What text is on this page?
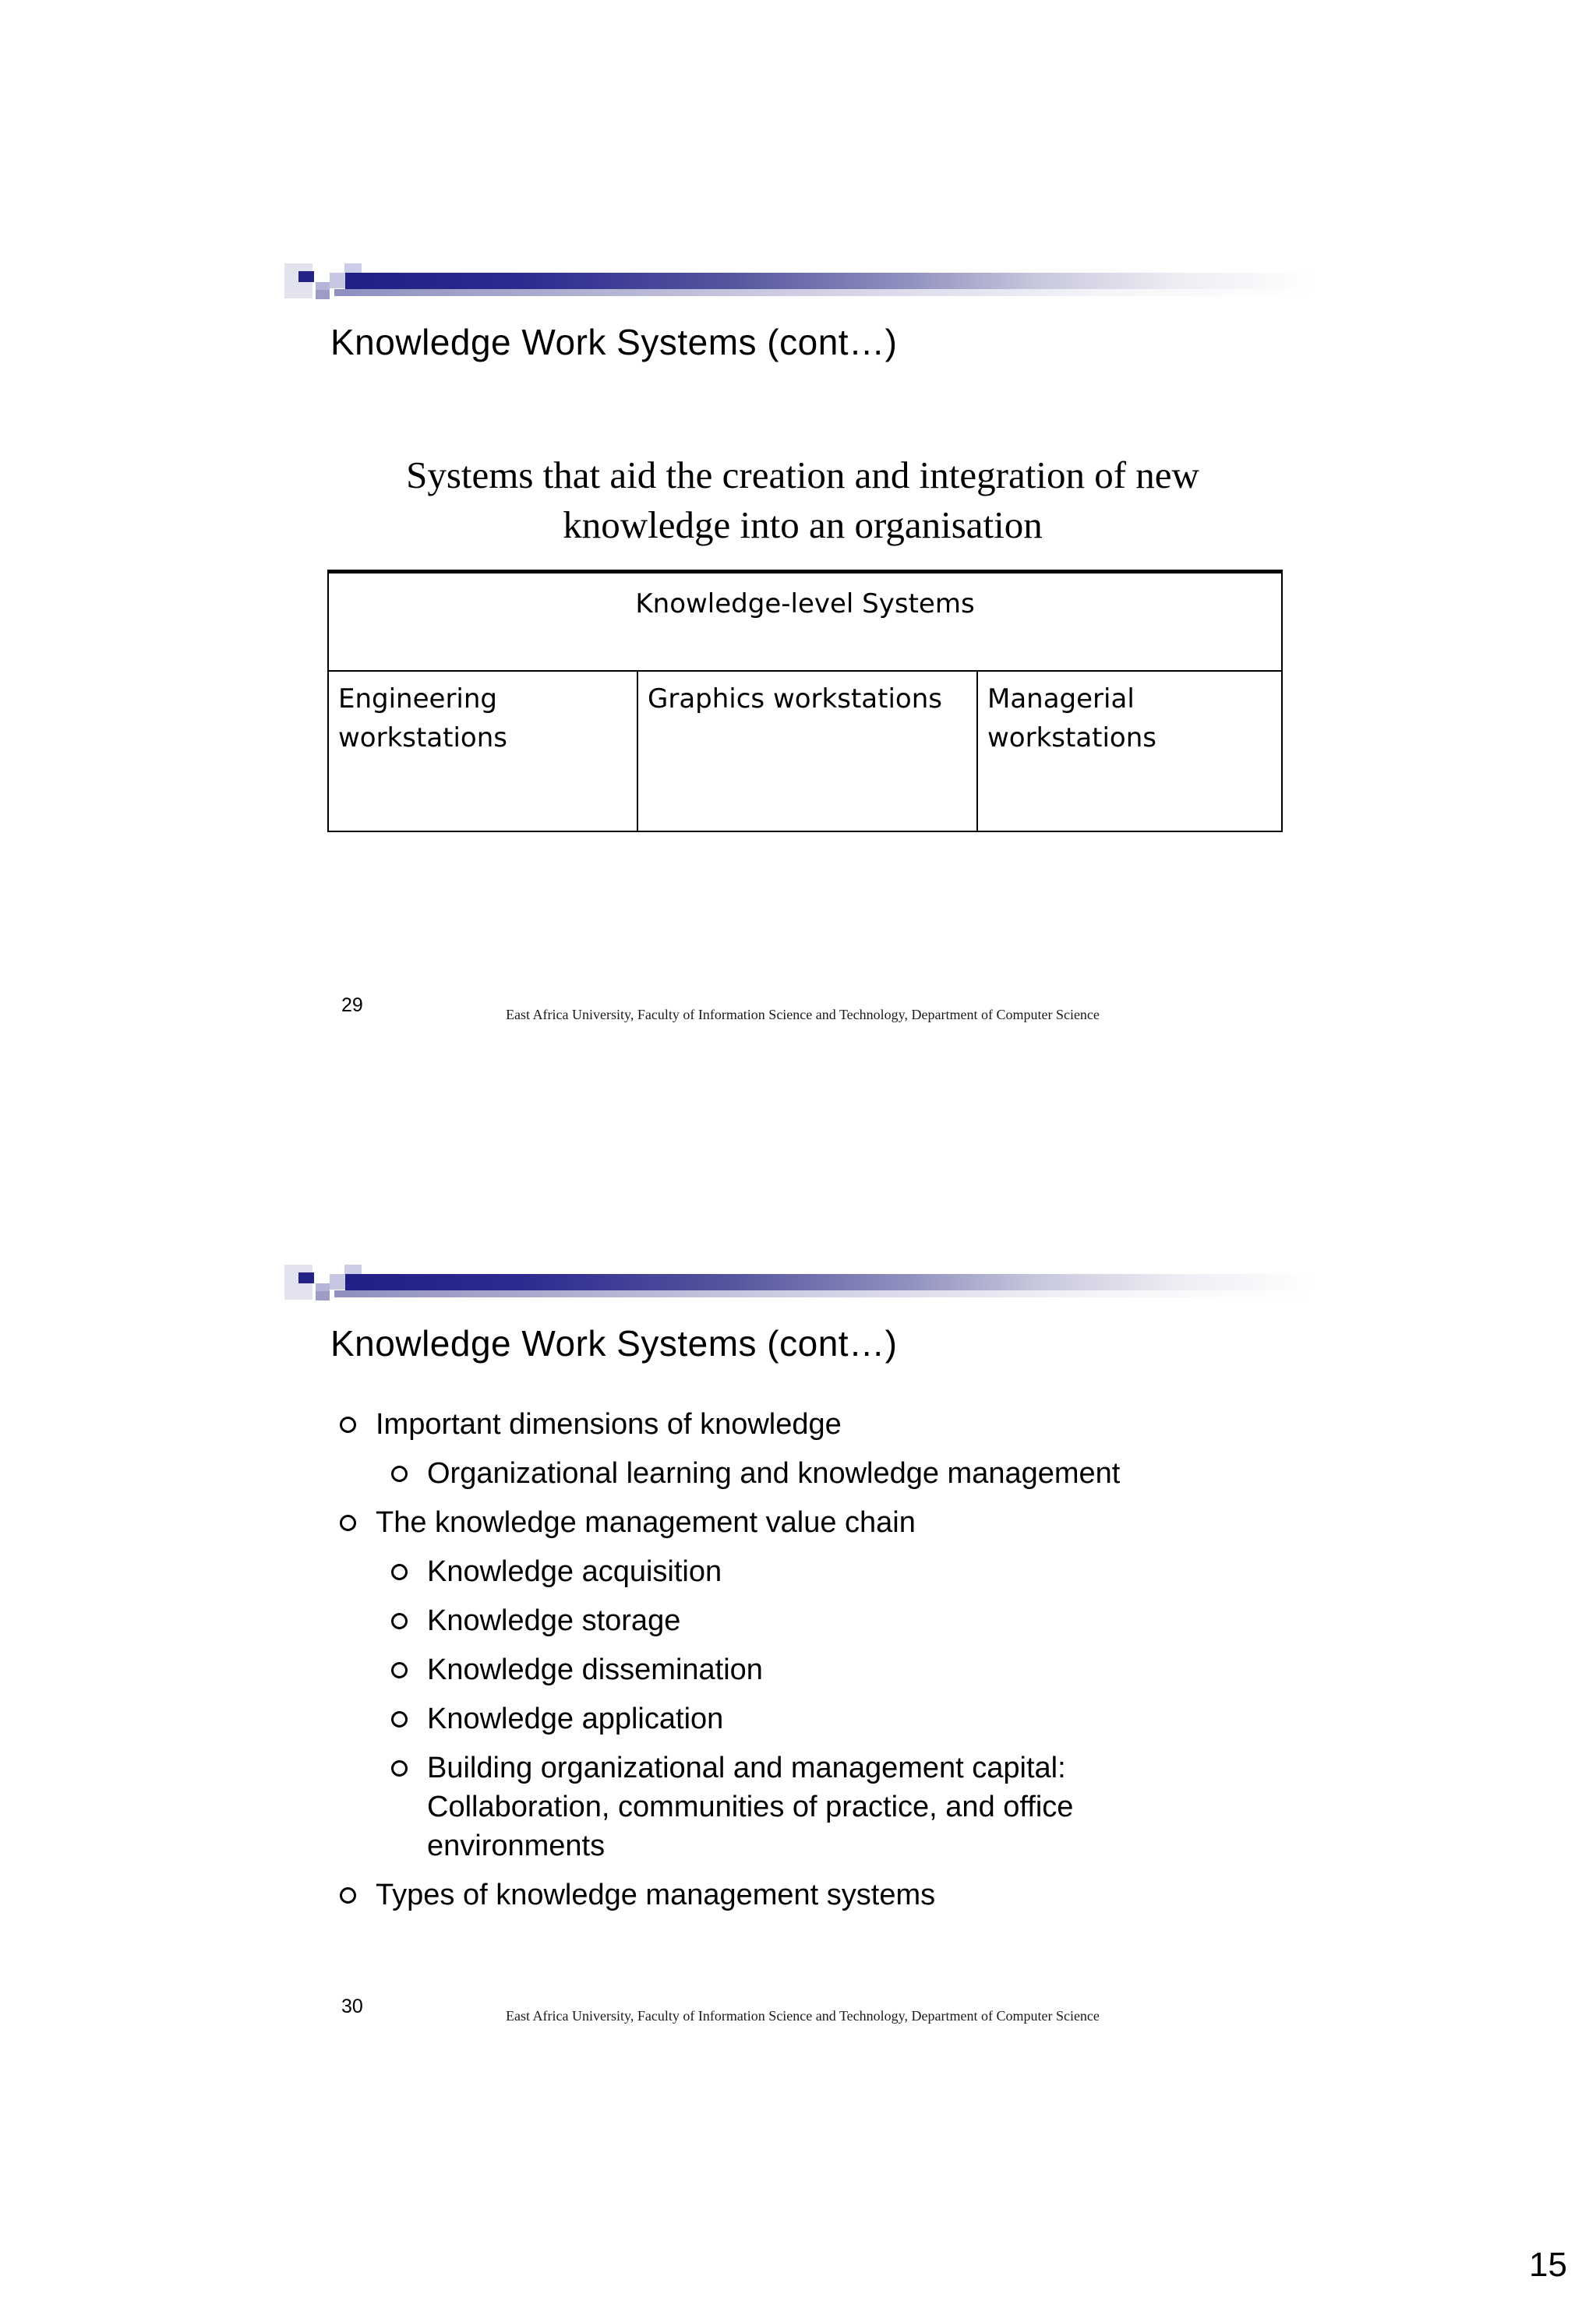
Knowledge Work Systems (cont…)
Systems that aid the creation and integration of new
knowledge into an organisation
Knowledge-level Systems
Engineering workstations	Graphics workstations	Managerial workstations
29	East Africa University, Faculty of Information Science and Technology, Department of Computer Science
Knowledge Work Systems (cont…)
Important dimensions of knowledge
Organizational learning and knowledge management
The knowledge management value chain
Knowledge acquisition
Knowledge storage
Knowledge dissemination
Knowledge application
Building organizational and management capital: Collaboration, communities of practice, and office environments
Types of knowledge management systems
30	East Africa University, Faculty of Information Science and Technology, Department of Computer Science
15
